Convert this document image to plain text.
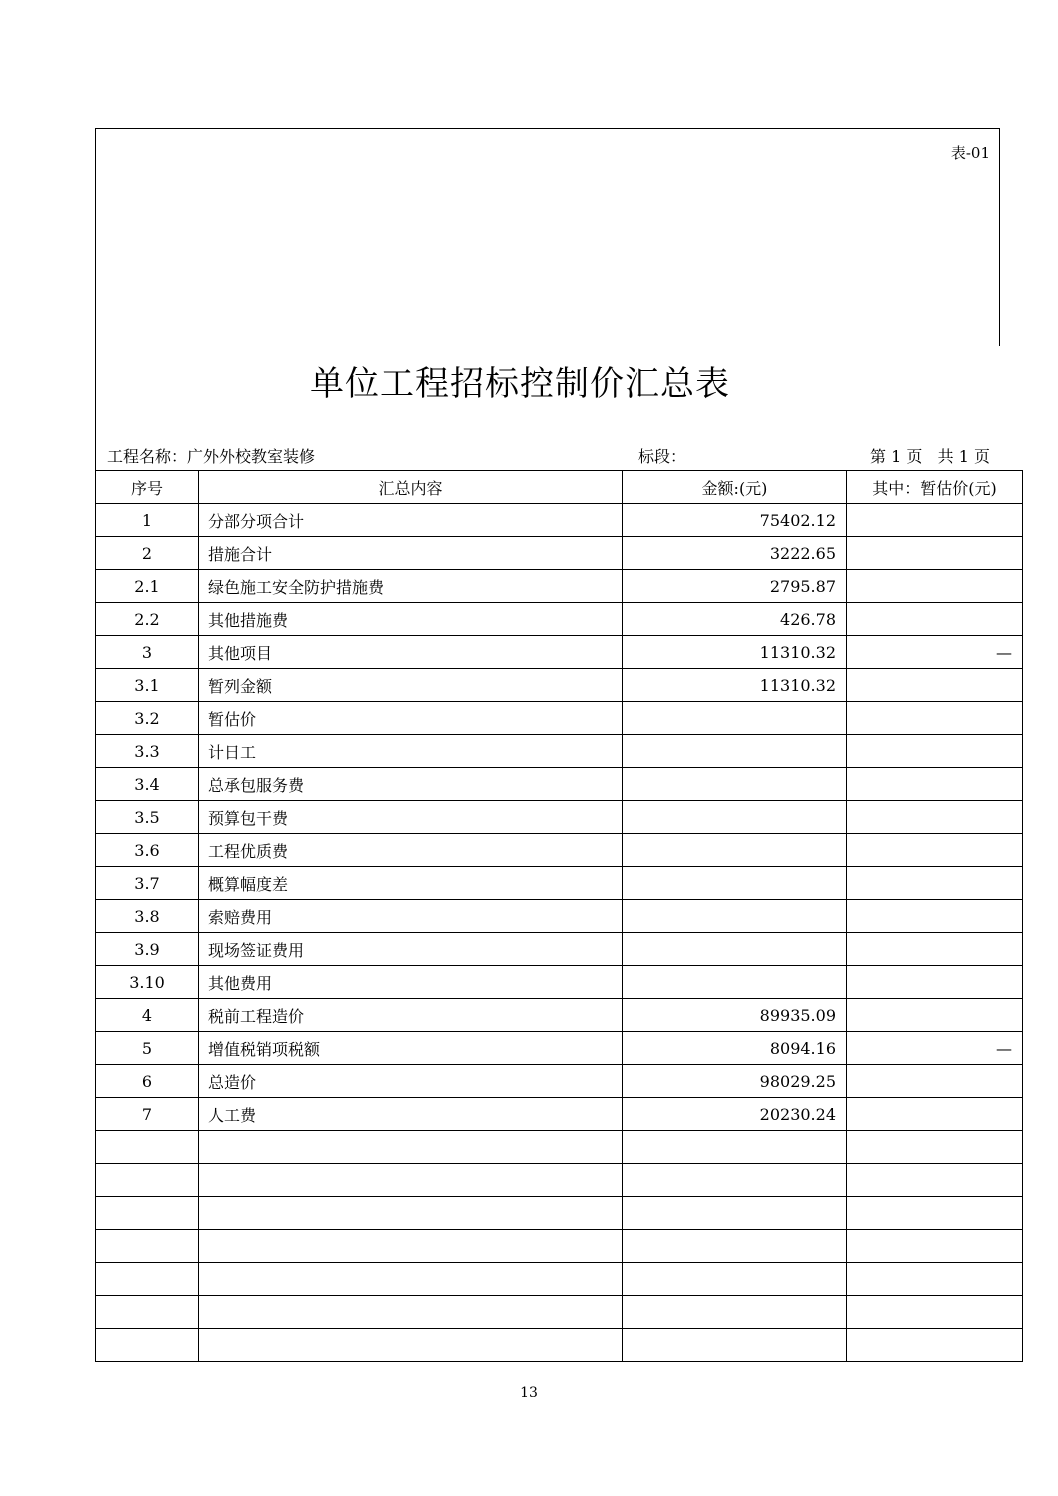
表-01
单位工程招标控制价汇总表
工程名称：广外外校教室装修	标段：	第 1 页   共 1 页
序号	汇总内容	金额:(元)	其中：暂估价(元)
1	分部分项合计	75402.12	
2	措施合计	3222.65	
2.1	绿色施工安全防护措施费	2795.87	
2.2	其他措施费	426.78	
3	其他项目	11310.32	—
3.1	暂列金额	11310.32	
3.2	暂估价		
3.3	计日工		
3.4	总承包服务费		
3.5	预算包干费		
3.6	工程优质费		
3.7	概算幅度差		
3.8	索赔费用		
3.9	现场签证费用		
3.10	其他费用		
4	税前工程造价	89935.09	
5	增值税销项税额	8094.16	—
6	总造价	98029.25	
7	人工费	20230.24	

13
